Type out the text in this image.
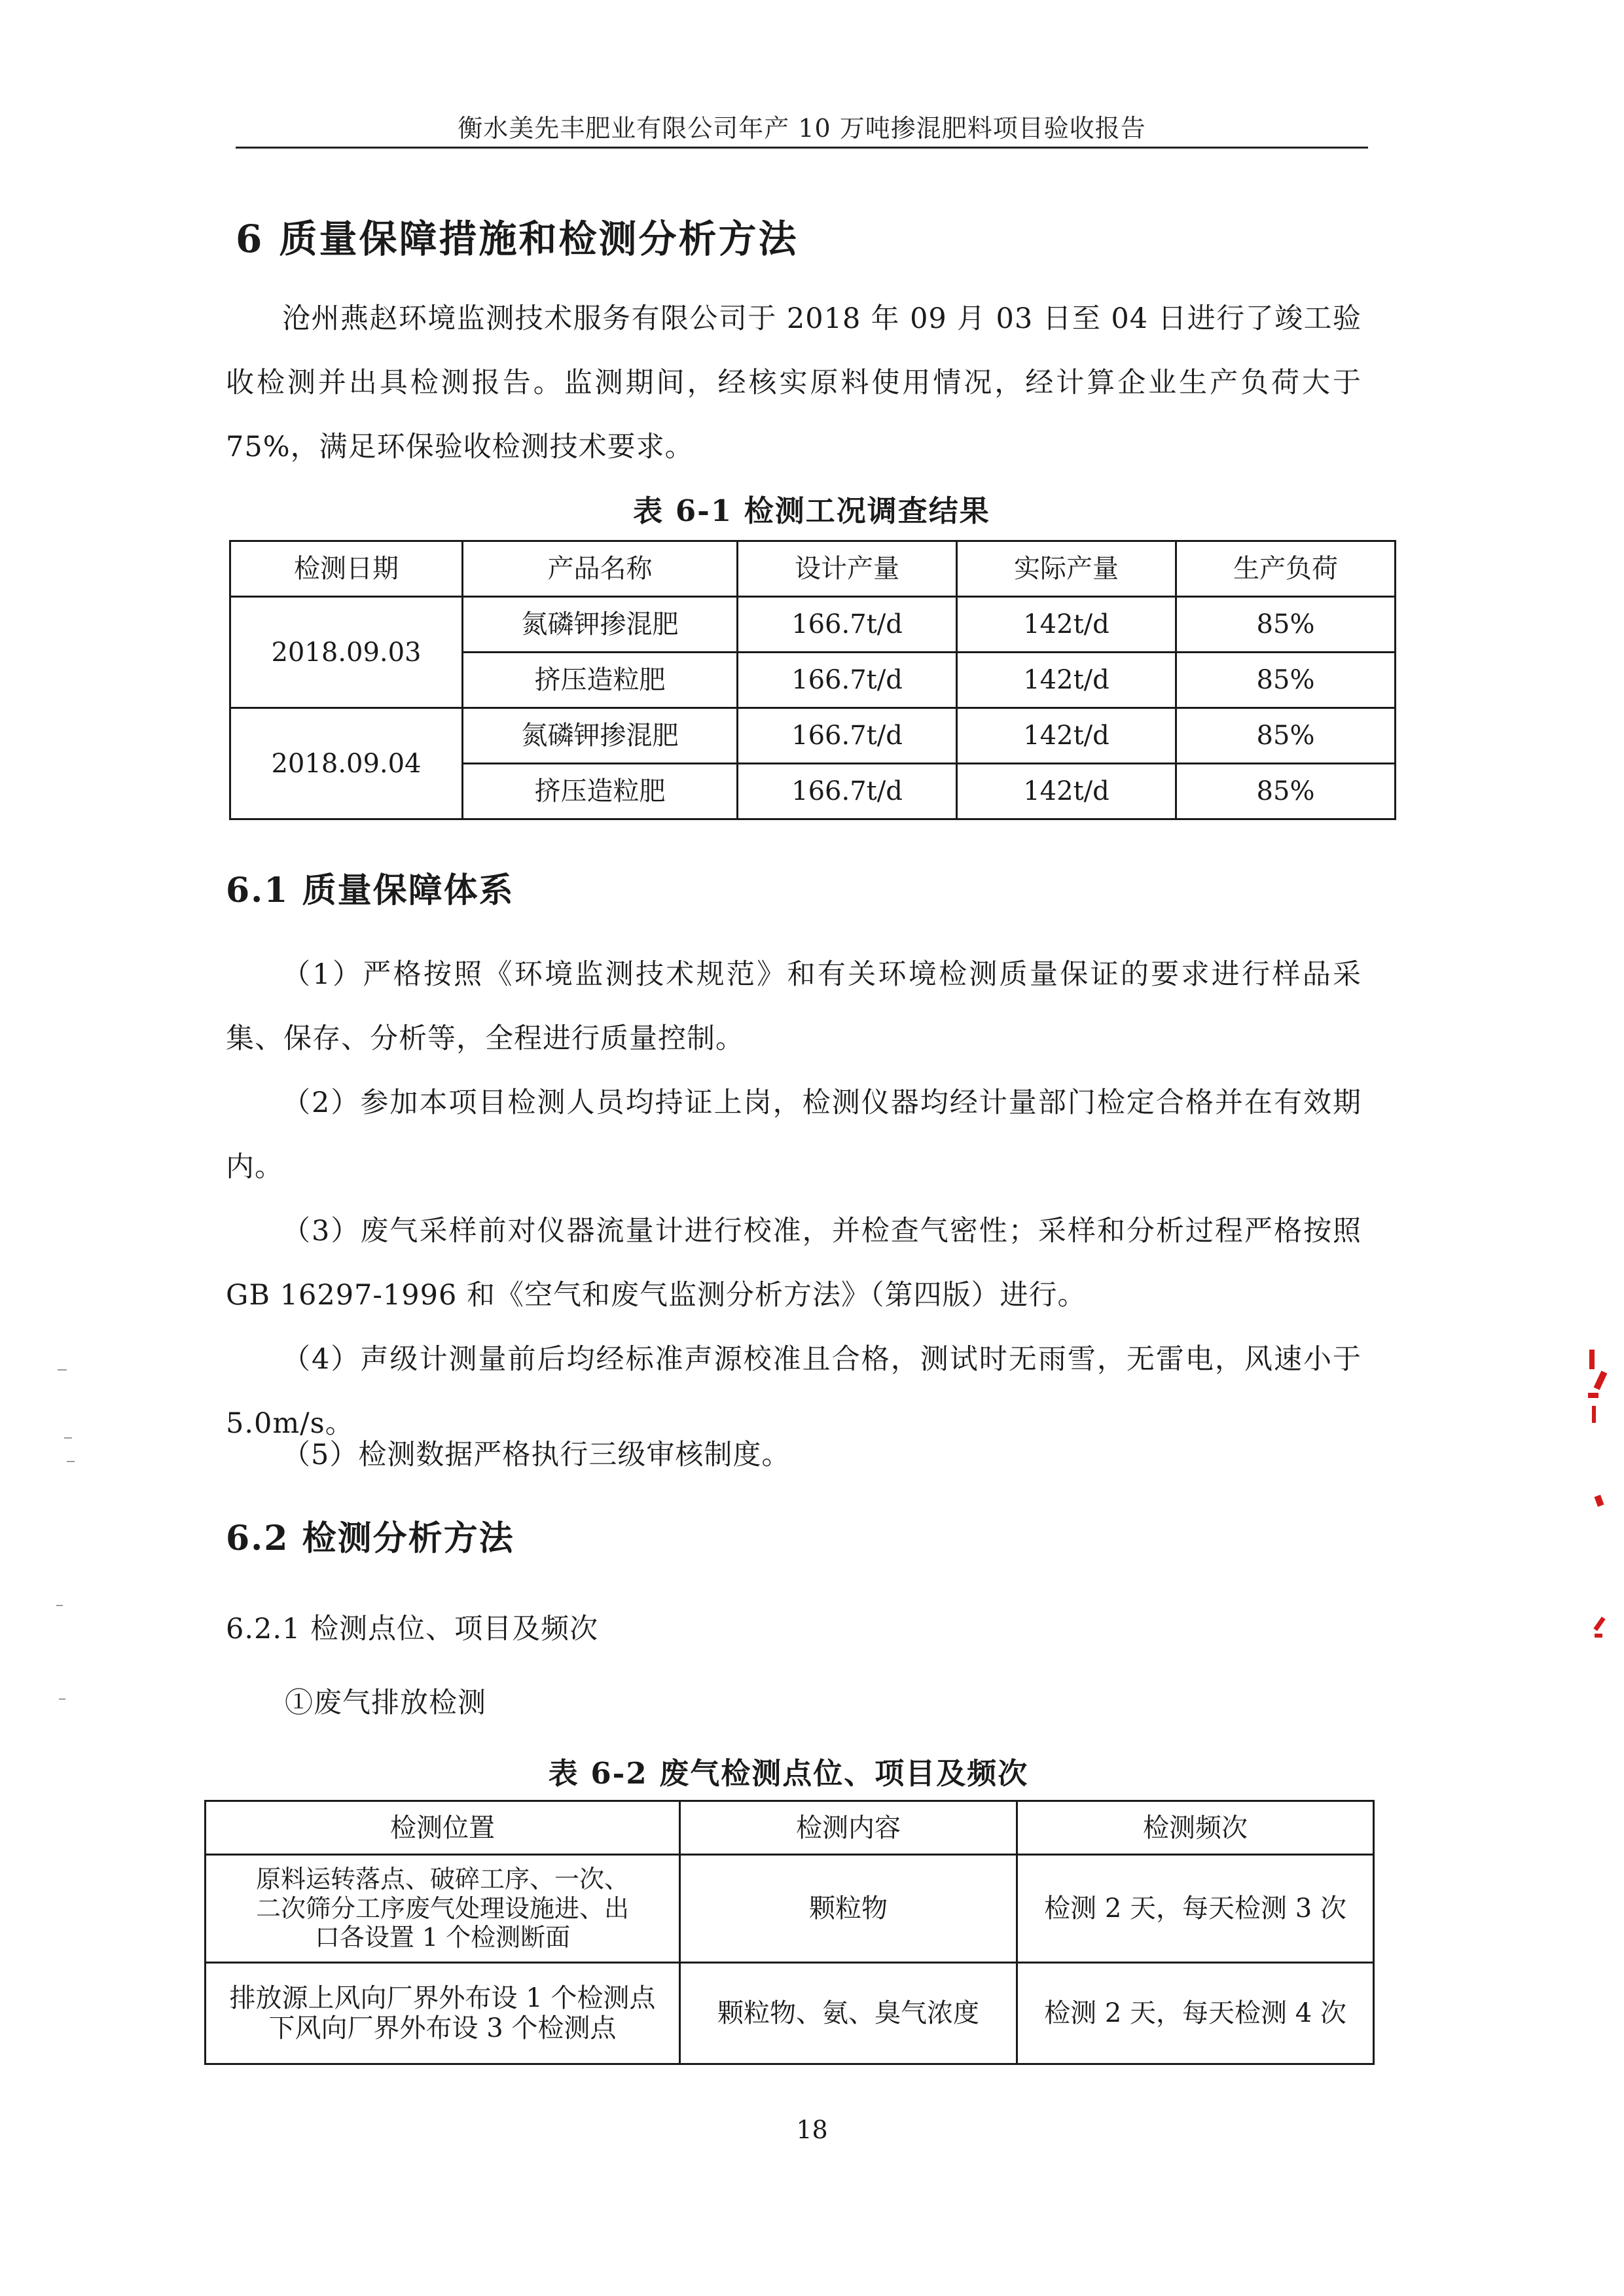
衡水美先丰肥业有限公司年产 10 万吨掺混肥料项目验收报告
6 质量保障措施和检测分析方法
沧州燕赵环境监测技术服务有限公司于 2018 年 09 月 03 日至 04 日进行了竣工验收检测并出具检测报告。监测期间，经核实原料使用情况，经计算企业生产负荷大于 75%，满足环保验收检测技术要求。
表 6-1 检测工况调查结果
检测日期	产品名称	设计产量	实际产量	生产负荷
2018.09.03	氮磷钾掺混肥	166.7t/d	142t/d	85%
	挤压造粒肥	166.7t/d	142t/d	85%
2018.09.04	氮磷钾掺混肥	166.7t/d	142t/d	85%
	挤压造粒肥	166.7t/d	142t/d	85%
6.1 质量保障体系
（1）严格按照《环境监测技术规范》和有关环境检测质量保证的要求进行样品采集、保存、分析等，全程进行质量控制。
（2）参加本项目检测人员均持证上岗，检测仪器均经计量部门检定合格并在有效期内。
（3）废气采样前对仪器流量计进行校准，并检查气密性；采样和分析过程严格按照 GB 16297-1996 和《空气和废气监测分析方法》（第四版）进行。
（4）声级计测量前后均经标准声源校准且合格，测试时无雨雪，无雷电，风速小于 5.0m/s。
（5）检测数据严格执行三级审核制度。
6.2 检测分析方法
6.2.1 检测点位、项目及频次
①废气排放检测
表 6-2 废气检测点位、项目及频次
检测位置	检测内容	检测频次

原料运转落点、破碎工序、一次、
二次筛分工序废气处理设施进、出
口各设置 1 个检测断面	颗粒物	检测 2 天，每天检测 3 次

排放源上风向厂界外布设 1 个检测点
下风向厂界外布设 3 个检测点	颗粒物、氨、臭气浓度	检测 2 天，每天检测 4 次
18
